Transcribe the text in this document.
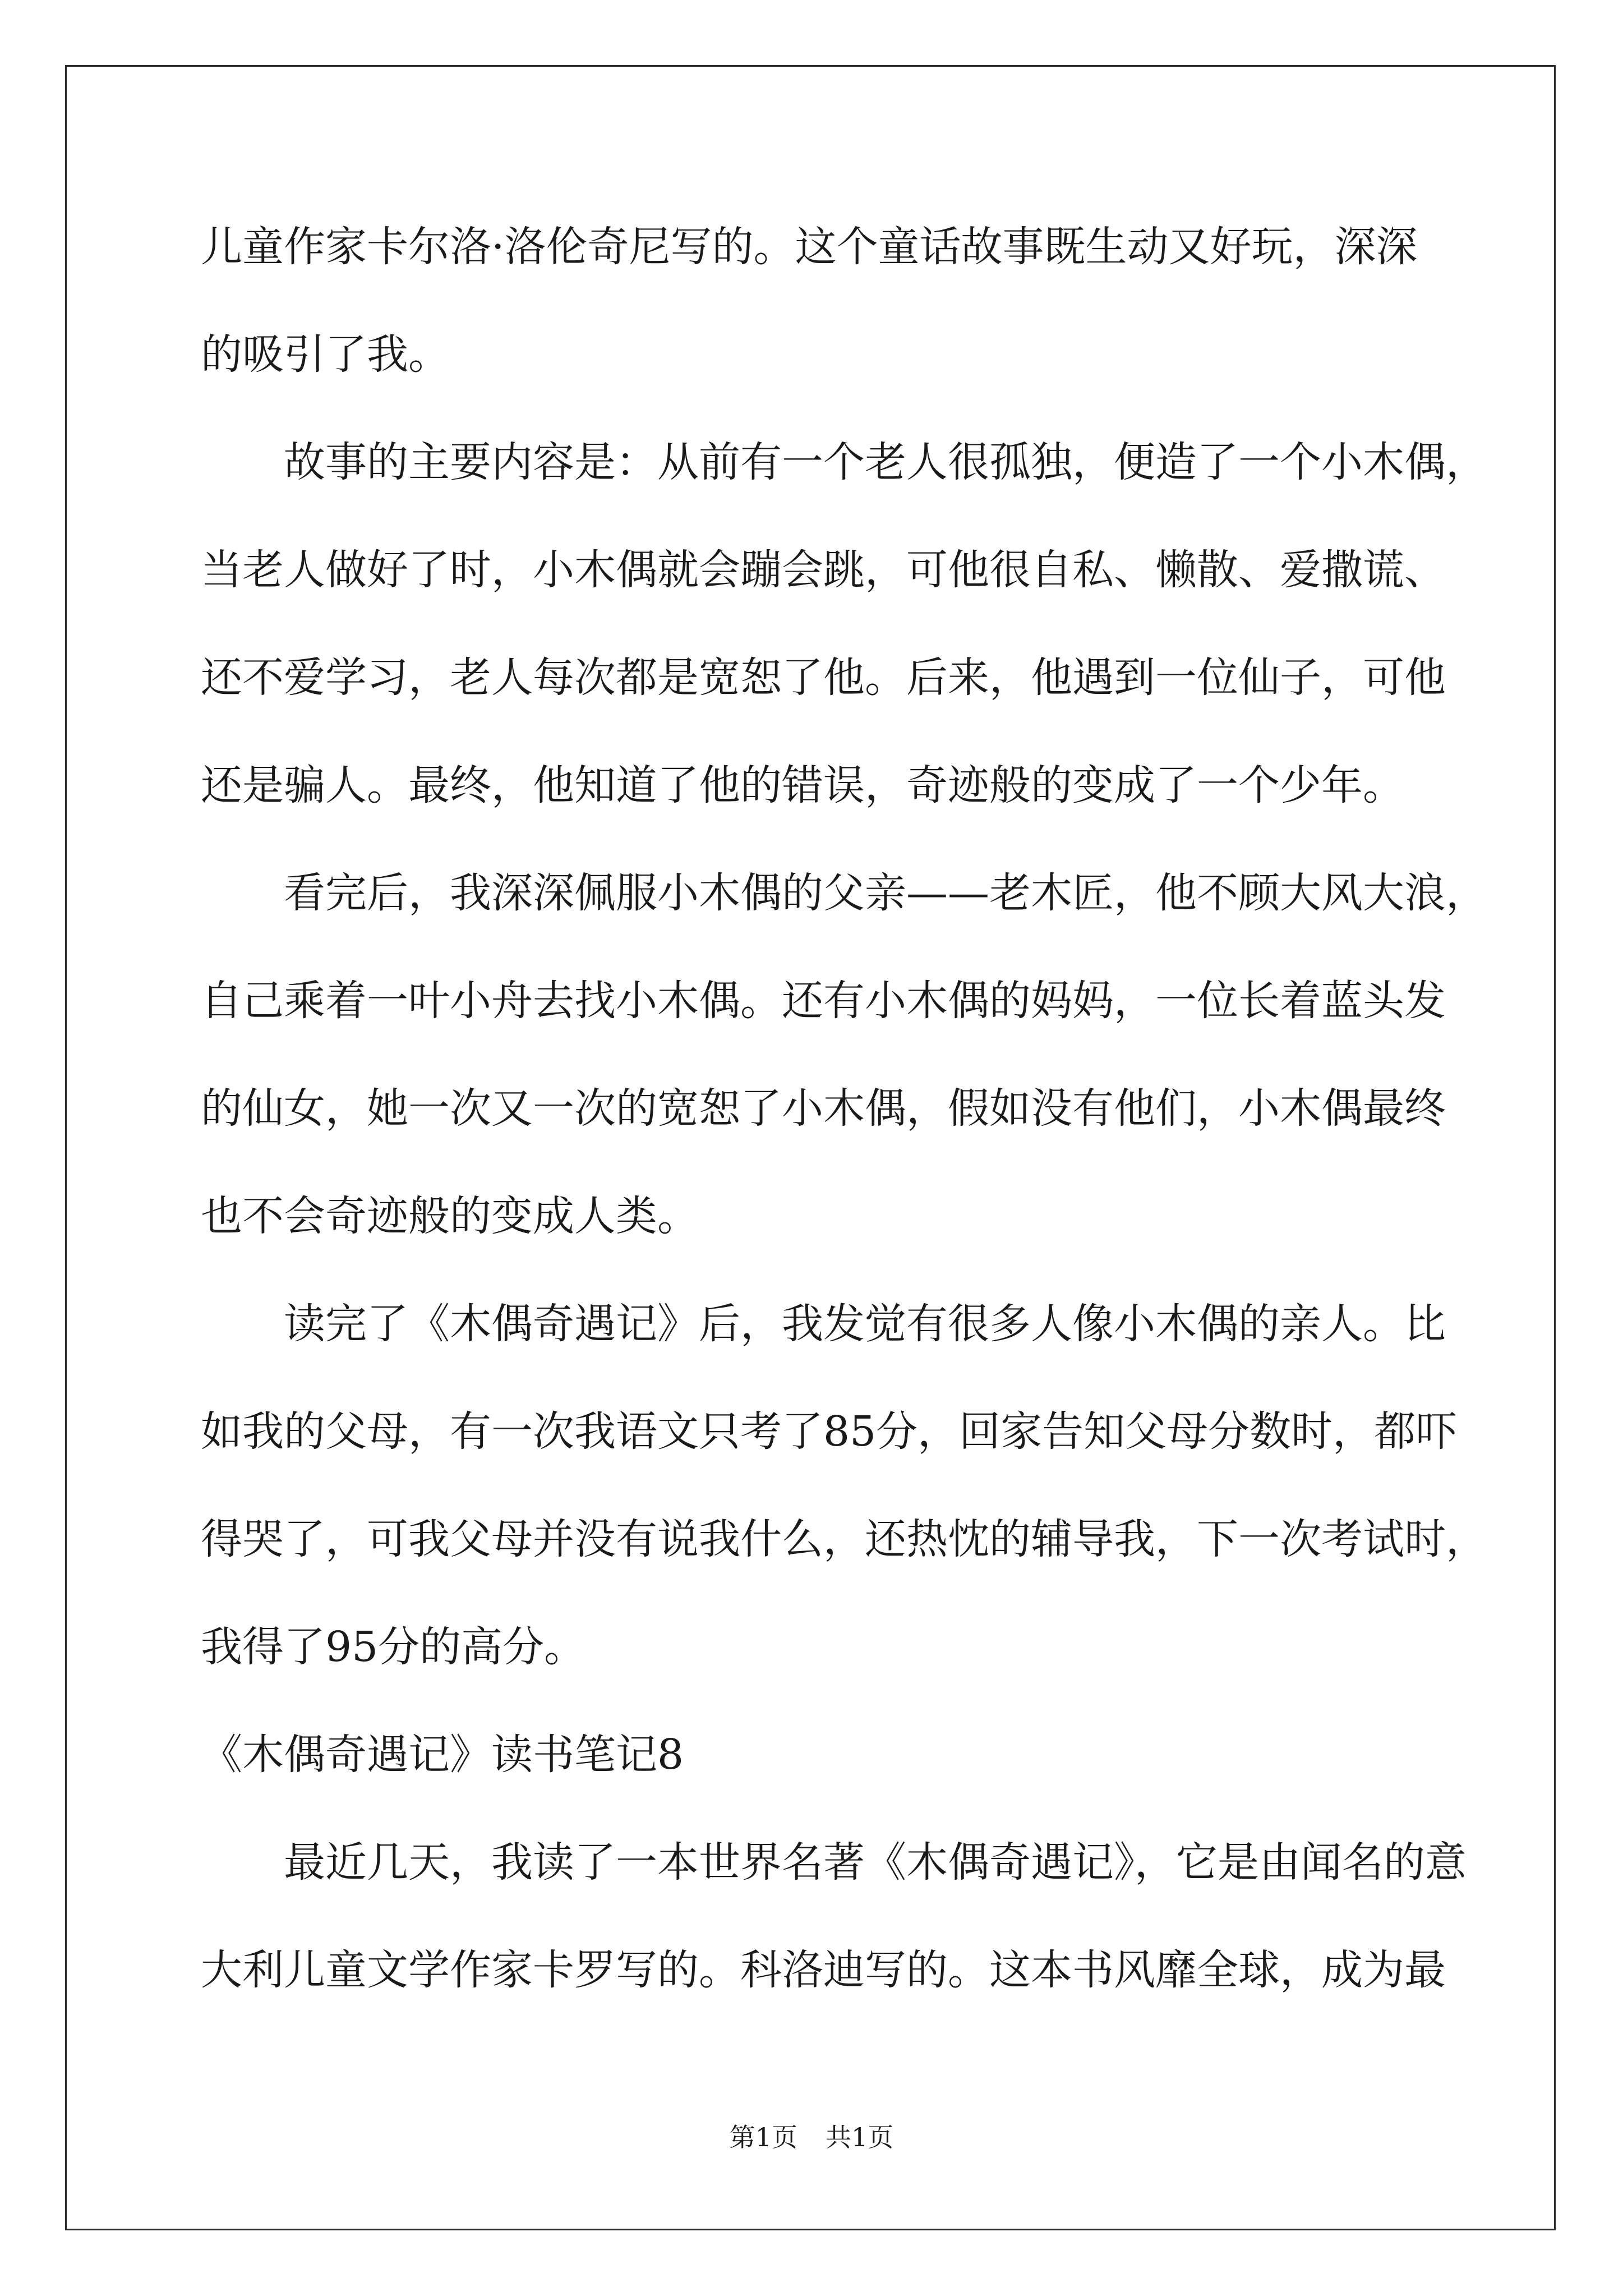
儿童作家卡尔洛·洛伦奇尼写的。这个童话故事既生动又好玩，深深
的吸引了我。
故事的主要内容是：从前有一个老人很孤独，便造了一个小木偶，
当老人做好了时，小木偶就会蹦会跳，可他很自私、懒散、爱撒谎、
还不爱学习，老人每次都是宽恕了他。后来，他遇到一位仙子，可他
还是骗人。最终，他知道了他的错误，奇迹般的变成了一个少年。
看完后，我深深佩服小木偶的父亲——老木匠，他不顾大风大浪，
自己乘着一叶小舟去找小木偶。还有小木偶的妈妈，一位长着蓝头发
的仙女，她一次又一次的宽恕了小木偶，假如没有他们，小木偶最终
也不会奇迹般的变成人类。
读完了《木偶奇遇记》后，我发觉有很多人像小木偶的亲人。比
如我的父母，有一次我语文只考了85分，回家告知父母分数时，都吓
得哭了，可我父母并没有说我什么，还热忱的辅导我，下一次考试时，
我得了95分的高分。
《木偶奇遇记》读书笔记8
最近几天，我读了一本世界名著《木偶奇遇记》，它是由闻名的意
大利儿童文学作家卡罗写的。科洛迪写的。这本书风靡全球，成为最
第1页 共1页
